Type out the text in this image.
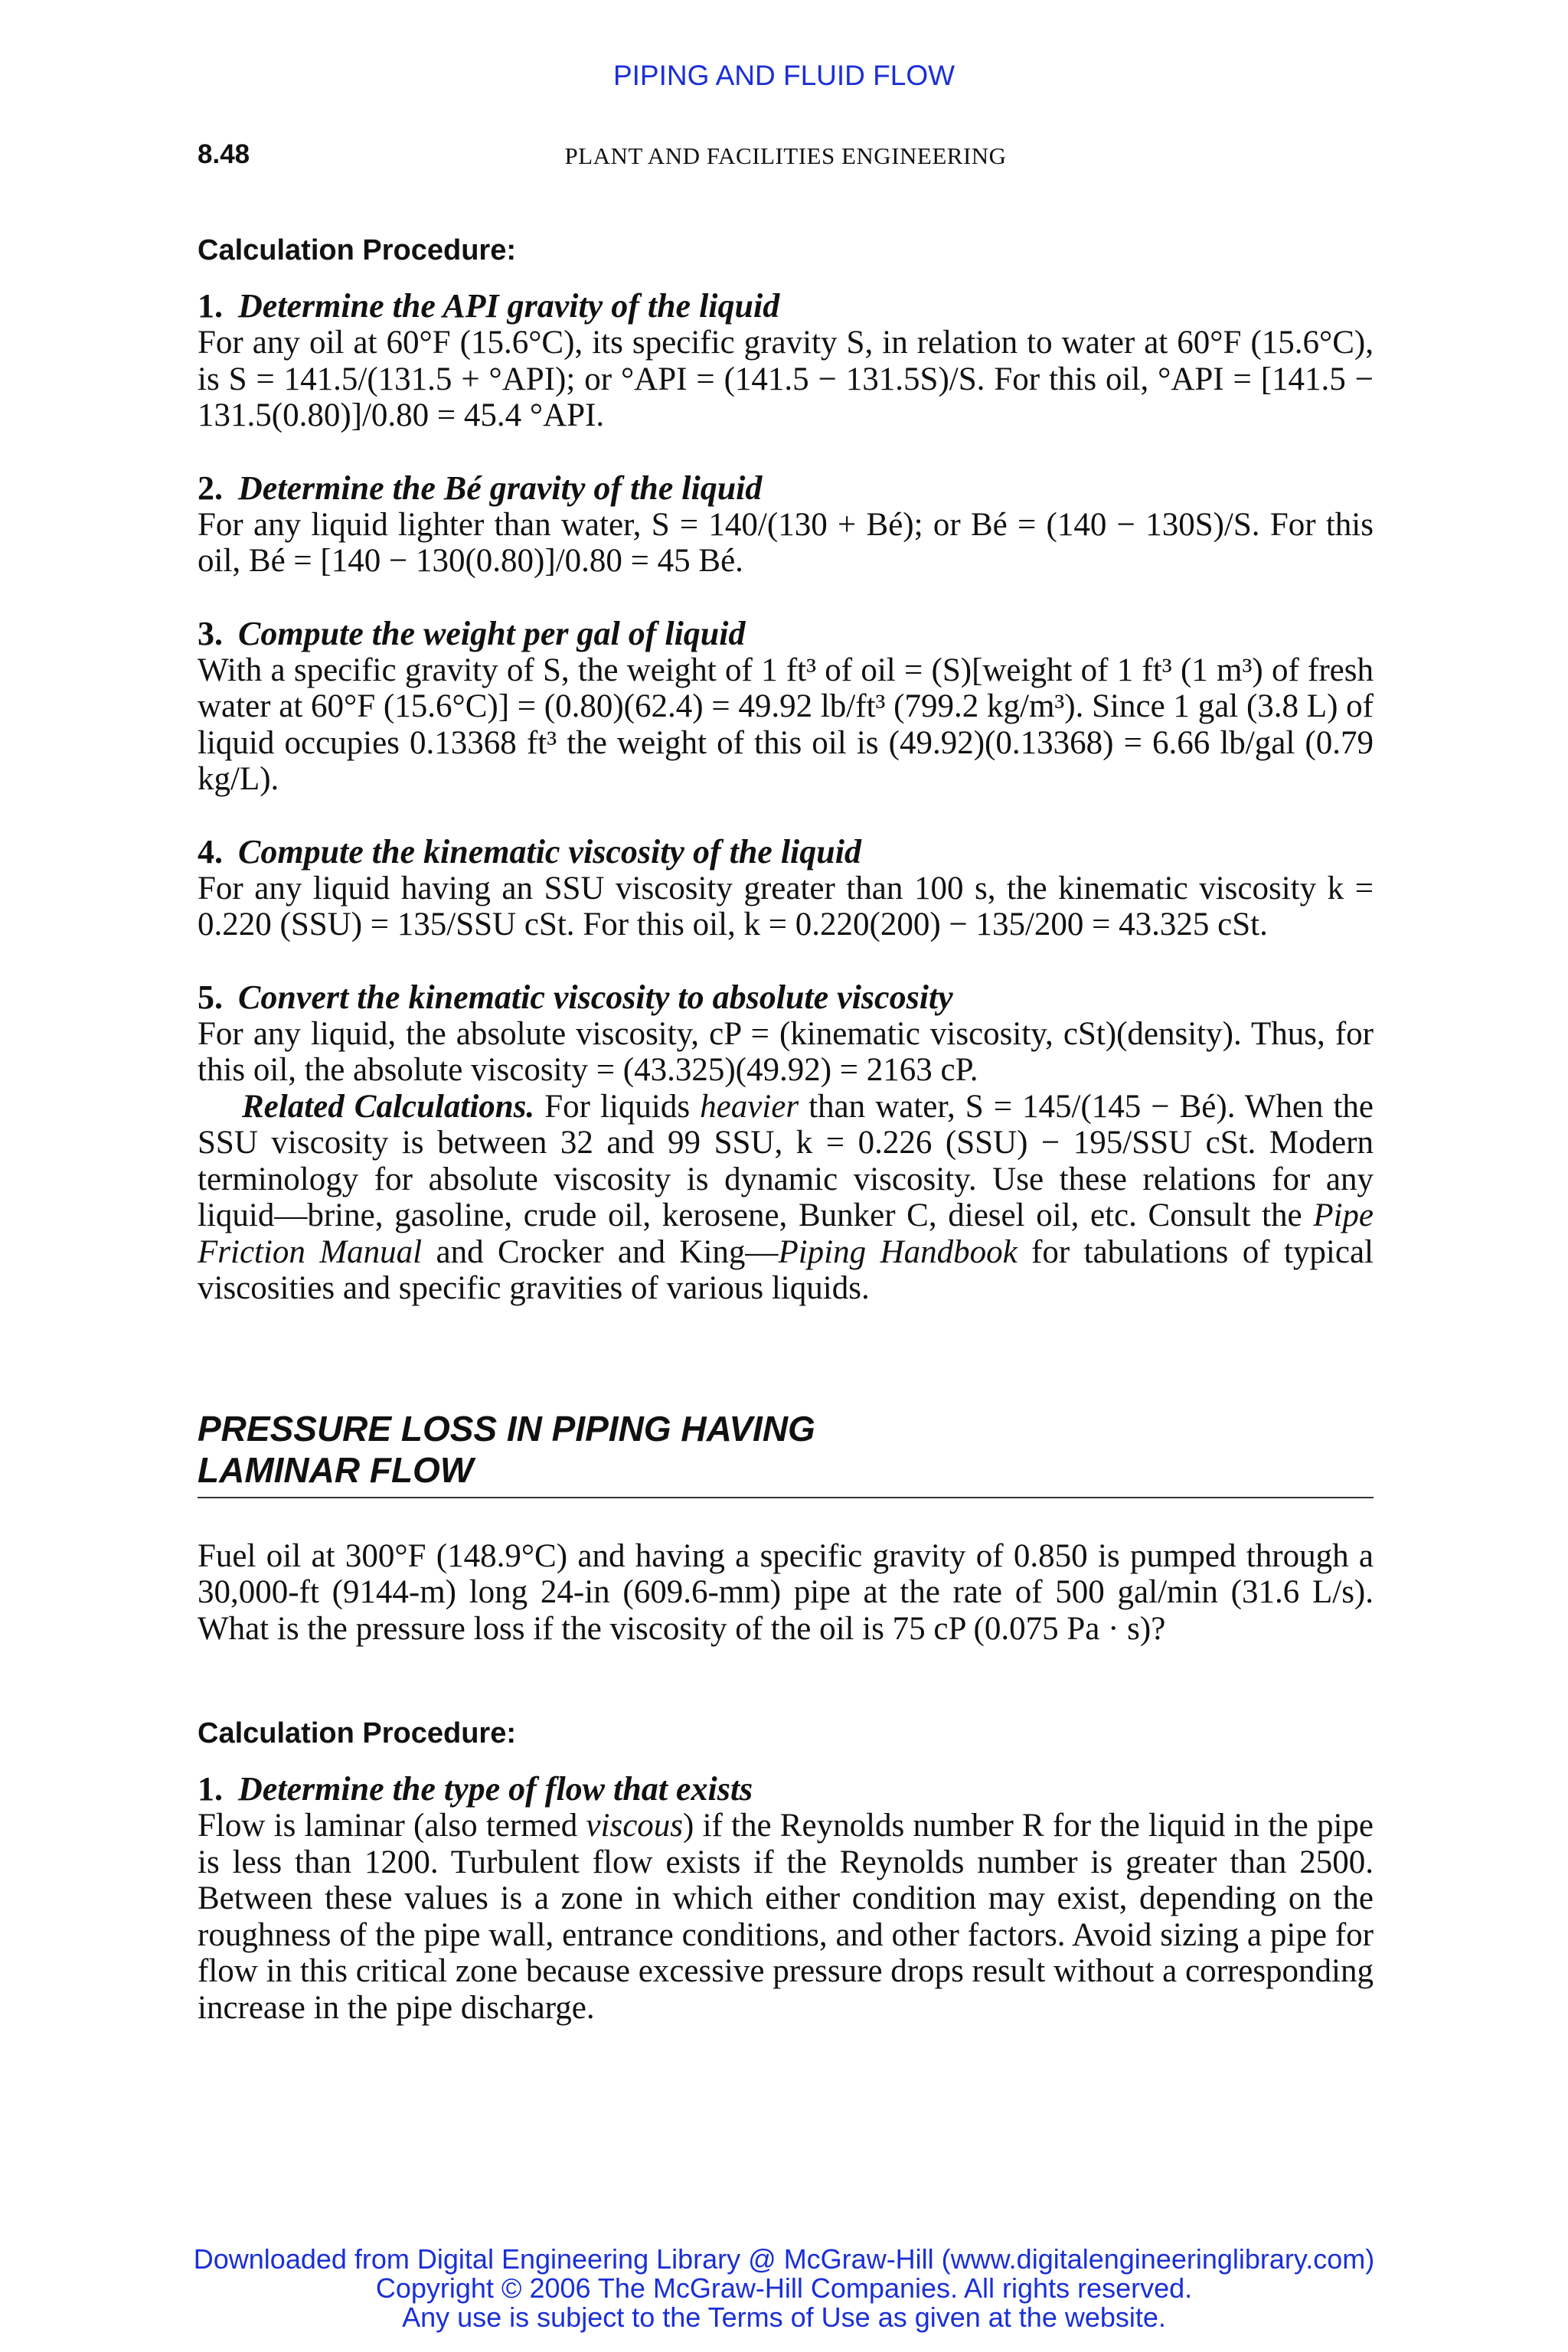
PIPING AND FLUID FLOW
8.48	PLANT AND FACILITIES ENGINEERING

Calculation Procedure:

1. Determine the API gravity of the liquid

For any oil at 60°F (15.6°C), its specific gravity S, in relation to water at 60°F (15.6°C), is S = 141.5/(131.5 + °API); or °API = (141.5 − 131.5S)/S. For this oil, °API = [141.5 − 131.5(0.80)]/0.80 = 45.4 °API.

2. Determine the Bé gravity of the liquid

For any liquid lighter than water, S = 140/(130 + Bé); or Bé = (140 − 130S)/S. For this oil, Bé = [140 − 130(0.80)]/0.80 = 45 Bé.

3. Compute the weight per gal of liquid

With a specific gravity of S, the weight of 1 ft³ of oil = (S)[weight of 1 ft³ (1 m³) of fresh water at 60°F (15.6°C)] = (0.80)(62.4) = 49.92 lb/ft³ (799.2 kg/m³). Since 1 gal (3.8 L) of liquid occupies 0.13368 ft³ the weight of this oil is (49.92)(0.13368) = 6.66 lb/gal (0.79 kg/L).

4. Compute the kinematic viscosity of the liquid

For any liquid having an SSU viscosity greater than 100 s, the kinematic viscosity k = 0.220 (SSU) = 135/SSU cSt. For this oil, k = 0.220(200) − 135/200 = 43.325 cSt.

5. Convert the kinematic viscosity to absolute viscosity

For any liquid, the absolute viscosity, cP = (kinematic viscosity, cSt)(density). Thus, for this oil, the absolute viscosity = (43.325)(49.92) = 2163 cP.

Related Calculations. For liquids heavier than water, S = 145/(145 − Bé). When the SSU viscosity is between 32 and 99 SSU, k = 0.226 (SSU) − 195/SSU cSt. Modern terminology for absolute viscosity is dynamic viscosity. Use these relations for any liquid—brine, gasoline, crude oil, kerosene, Bunker C, diesel oil, etc. Consult the Pipe Friction Manual and Crocker and King—Piping Handbook for tabulations of typical viscosities and specific gravities of various liquids.

PRESSURE LOSS IN PIPING HAVING

LAMINAR FLOW

Fuel oil at 300°F (148.9°C) and having a specific gravity of 0.850 is pumped through a 30,000-ft (9144-m) long 24-in (609.6-mm) pipe at the rate of 500 gal/min (31.6 L/s). What is the pressure loss if the viscosity of the oil is 75 cP (0.075 Pa · s)?

Calculation Procedure:

1. Determine the type of flow that exists

Flow is laminar (also termed viscous) if the Reynolds number R for the liquid in the pipe is less than 1200. Turbulent flow exists if the Reynolds number is greater than 2500. Between these values is a zone in which either condition may exist, depending on the roughness of the pipe wall, entrance conditions, and other factors. Avoid sizing a pipe for flow in this critical zone because excessive pressure drops result without a corresponding increase in the pipe discharge.

Downloaded from Digital Engineering Library @ McGraw-Hill (www.digitalengineeringlibrary.com)
Copyright © 2006 The McGraw-Hill Companies. All rights reserved.
Any use is subject to the Terms of Use as given at the website.
